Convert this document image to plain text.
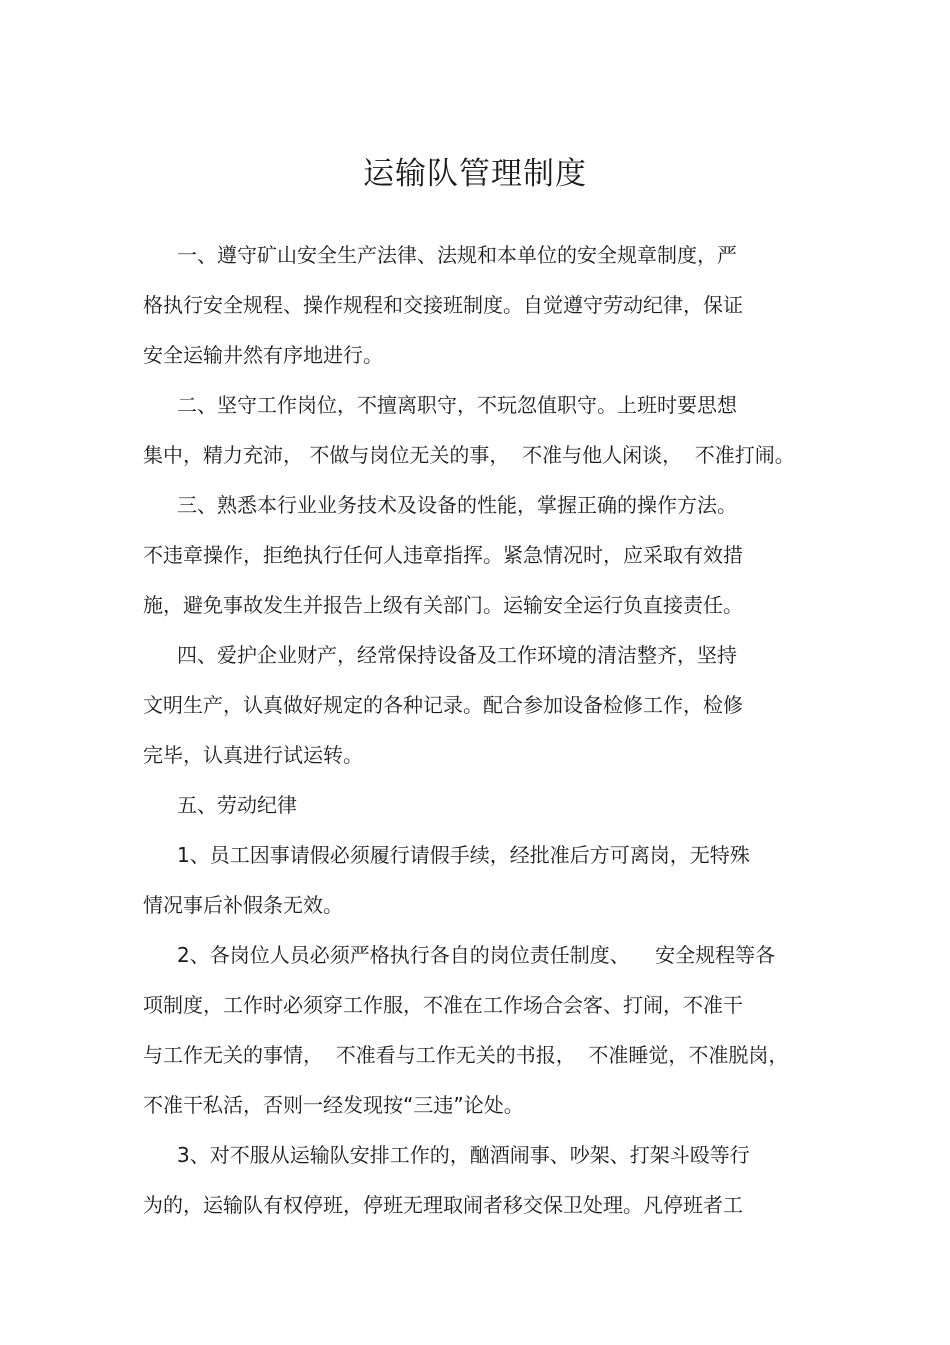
运输队管理制度

一、遵守矿山安全生产法律、法规和本单位的安全规章制度，严

格执行安全规程、操作规程和交接班制度。自觉遵守劳动纪律，保证

安全运输井然有序地进行。

二、坚守工作岗位，不擅离职守，不玩忽值职守。上班时要思想

集中，精力充沛， 不做与岗位无关的事，  不准与他人闲谈，  不准打闹。

三、熟悉本行业业务技术及设备的性能，掌握正确的操作方法。

不违章操作，拒绝执行任何人违章指挥。紧急情况时，应采取有效措

施，避免事故发生并报告上级有关部门。运输安全运行负直接责任。

四、爱护企业财产，经常保持设备及工作环境的清洁整齐，坚持

文明生产，认真做好规定的各种记录。配合参加设备检修工作，检修

完毕，认真进行试运转。

五、劳动纪律

1、员工因事请假必须履行请假手续，经批准后方可离岗，无特殊

情况事后补假条无效。

2、各岗位人员必须严格执行各自的岗位责任制度、    安全规程等各

项制度，工作时必须穿工作服，不准在工作场合会客、打闹，不准干

与工作无关的事情，  不准看与工作无关的书报，  不准睡觉，不准脱岗，

不准干私活，否则一经发现按“三违”论处。

3、对不服从运输队安排工作的，酗酒闹事、吵架、打架斗殴等行

为的，运输队有权停班，停班无理取闹者移交保卫处理。凡停班者工
